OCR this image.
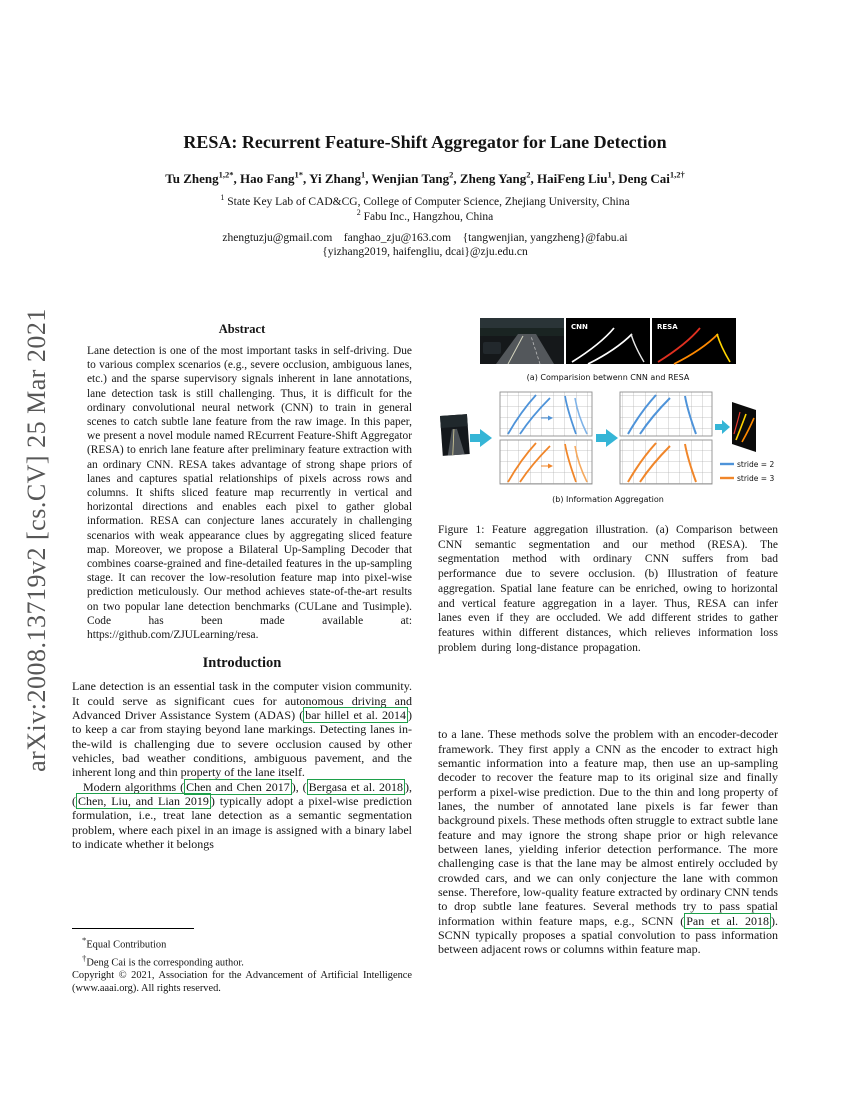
arXiv:2008.13719v2 [cs.CV] 25 Mar 2021
RESA: Recurrent Feature-Shift Aggregator for Lane Detection
Tu Zheng$^{1,2*}$, Hao Fang$^{1*}$, Yi Zhang$^1$, Wenjian Tang$^2$, Zheng Yang$^2$, HaiFeng Liu$^1$, Deng Cai$^{1,2\dagger}$
$^1$ State Key Lab of CAD&CG, College of Computer Science, Zhejiang University, China
$^2$ Fabu Inc., Hangzhou, China
zhengtuzju@gmail.com    fanghao_zju@163.com    {tangwenjian, yangzheng}@fabu.ai
{yizhang2019, haifengliu, dcai}@zju.edu.cn
Abstract

Lane detection is one of the most important tasks in self-driving. Due to various complex scenarios (e.g., severe occlusion, ambiguous lanes, etc.) and the sparse supervisory signals inherent in lane annotations, lane detection task is still challenging. Thus, it is difficult for the ordinary convolutional neural network (CNN) to train in general scenes to catch subtle lane feature from the raw image. In this paper, we present a novel module named REcurrent Feature-Shift Aggregator (RESA) to enrich lane feature after preliminary feature extraction with an ordinary CNN. RESA takes advantage of strong shape priors of lanes and captures spatial relationships of pixels across rows and columns. It shifts sliced feature map recurrently in vertical and horizontal directions and enables each pixel to gather global information. RESA can conjecture lanes accurately in challenging scenarios with weak appearance clues by aggregating sliced feature map. Moreover, we propose a Bilateral Up-Sampling Decoder that combines coarse-grained and fine-detailed features in the up-sampling stage. It can recover the low-resolution feature map into pixel-wise prediction meticulously. Our method achieves state-of-the-art results on two popular lane detection benchmarks (CULane and Tusimple). Code has been made available at: https://github.com/ZJULearning/resa.

Introduction

Lane detection is an essential task in the computer vision community. It could serve as significant cues for autonomous driving and Advanced Driver Assistance System (ADAS) ( bar hillel et al. 2014 ) to keep a car from staying beyond lane markings. Detecting lanes in-the-wild is challenging due to severe occlusion caused by other vehicles, bad weather conditions, ambiguous pavement, and the inherent long and thin property of the lane itself.

Modern algorithms ( Chen and Chen 2017 ), ( Bergasa et al. 2018 ), ( Chen, Liu, and Lian 2019 ) typically adopt a pixel-wise prediction formulation, i.e., treat lane detection as a semantic segmentation problem, where each pixel in an image is assigned with a binary label to indicate whether it belongs

CNN	RESA
(a) Comparision betwenn CNN and RESA
stride = 2
stride = 3
(b) Information Aggregation
Figure 1: Feature aggregation illustration. (a) Comparison between CNN semantic segmentation and our method (RESA). The segmentation method with ordinary CNN suffers from bad performance due to severe occlusion. (b) Illustration of feature aggregation. Spatial lane feature can be enriched, owing to horizontal and vertical feature aggregation in a layer. Thus, RESA can infer lanes even if they are occluded. We add different strides to gather features within different distances, which relieves information loss problem during long-distance propagation.

to a lane. These methods solve the problem with an encoder-decoder framework. They first apply a CNN as the encoder to extract high semantic information into a feature map, then use an up-sampling decoder to recover the feature map to its original size and finally perform a pixel-wise prediction. Due to the thin and long property of lanes, the number of annotated lane pixels is far fewer than background pixels. These methods often struggle to extract subtle lane feature and may ignore the strong shape prior or high relevance between lanes, yielding inferior detection performance. The more challenging case is that the lane may be almost entirely occluded by crowded cars, and we can only conjecture the lane with common sense. Therefore, low-quality feature extracted by ordinary CNN tends to drop subtle lane features. Several methods try to pass spatial information within feature maps, e.g., SCNN ( Pan et al. 2018 ). SCNN typically proposes a spatial convolution to pass information between adjacent rows or columns within feature map.

*Equal Contribution
†Deng Cai is the corresponding author.
Copyright © 2021, Association for the Advancement of Artificial Intelligence (www.aaai.org). All rights reserved.
